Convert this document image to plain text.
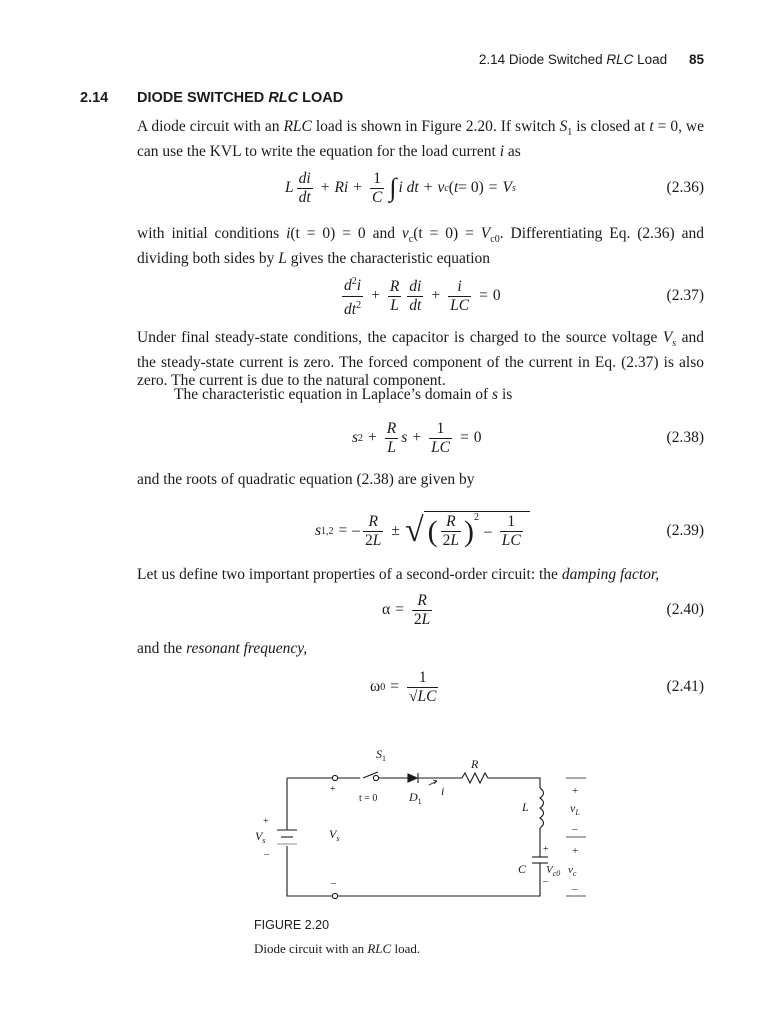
2.14 Diode Switched RLC Load 85
2.14 DIODE SWITCHED RLC LOAD
A diode circuit with an RLC load is shown in Figure 2.20. If switch $S_1$ is closed at t = 0, we can use the KVL to write the equation for the load current i as
L $\frac{di}{dt} + Ri + \frac{1}{C}$ ∫ i dt + v c ( t = 0) = V s	(2.36)
with initial conditions i(t = 0) = 0 and $v_c(t = 0) = V_{c0}$. Differentiating Eq. (2.36) and dividing both sides by L gives the characteristic equation
$\frac{d^2i}{dt^2} + \frac{R}{L} \frac{di}{dt} + \frac{i}{LC} = 0$	(2.37)
Under final steady-state conditions, the capacitor is charged to the source voltage $V_s$ and the steady-state current is zero. The forced component of the current in Eq. (2.37) is also zero. The current is due to the natural component.
The characteristic equation in Laplace’s domain of s is
s $2 + \frac{R}{L}$ $s + \frac{1}{LC} = 0$	(2.38)
and the roots of quadratic equation (2.38) are given by
s 1,2 = – $\frac{R}{2L}$ ± √ ( $\frac{R}{2L} )^2$
– $\frac{1}{LC}$	(2.39)
Let us define two important properties of a second-order circuit: the damping factor,
$\alpha = \frac{R}{2L}$	(2.40)
and the resonant frequency,
ω $0 = \frac{1}{√LC}$	(2.41)
$S_1$
t = 0	$D_1$
i
R
L	$v_L$
+
–
+
–
C
+
–
$V_{c0}$ $v_c$
+
$V_s$
–
+
$V_s$
–
FIGURE 2.20
Diode circuit with an RLC load.
